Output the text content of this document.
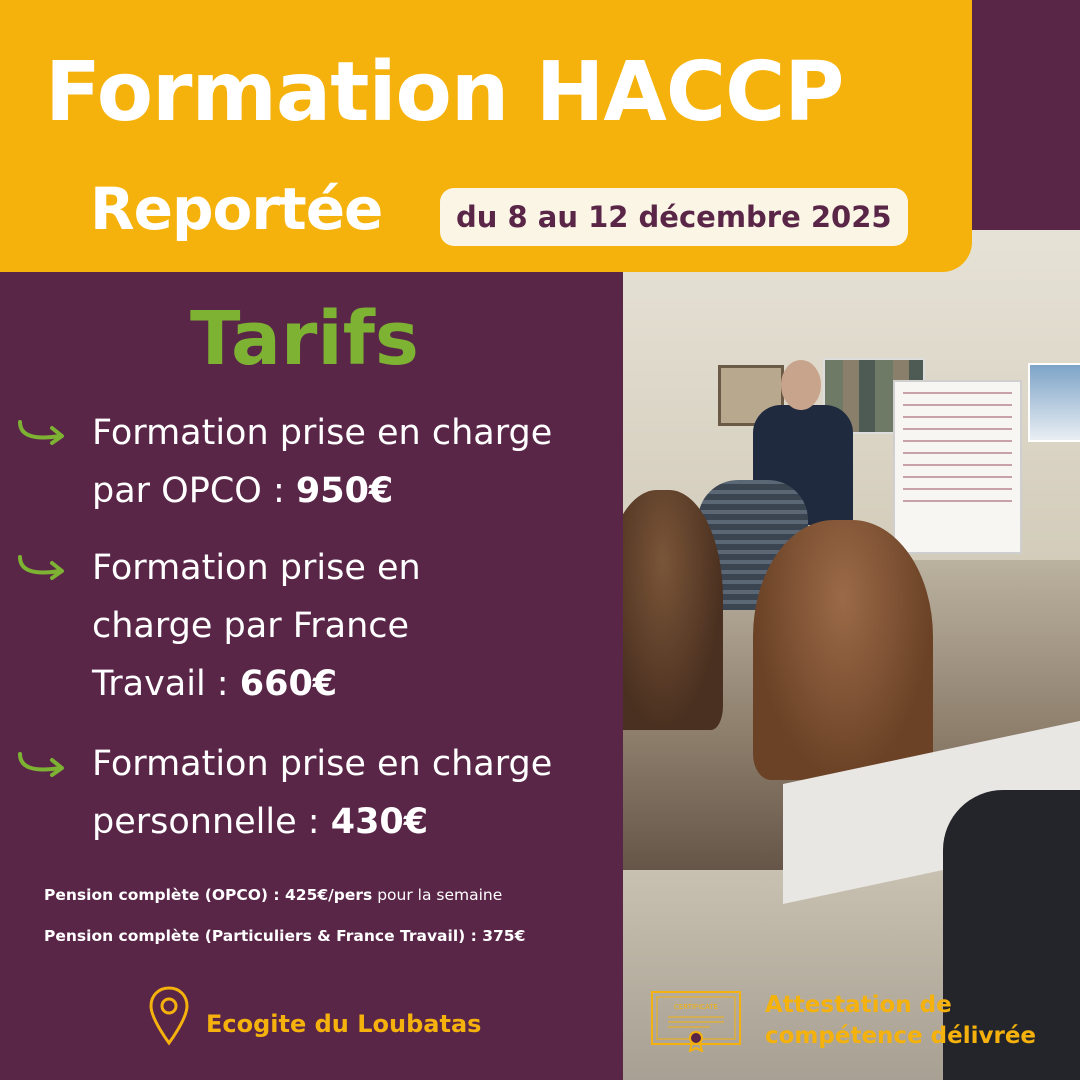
Formation HACCP
Reportée	du 8 au 12 décembre 2025
Tarifs
Formation prise en charge par OPCO : 950€
Formation prise en charge par France Travail : 660€
Formation prise en charge personnelle : 430€
Pension complète (OPCO) : 425€/pers pour la semaine
Pension complète (Particuliers & France Travail) : 375€
Ecogite du Loubatas
CERTIFICATE Attestation de compétence délivrée
